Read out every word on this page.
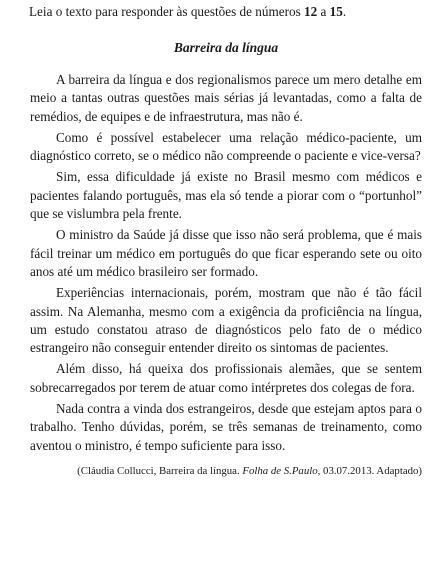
Leia o texto para responder às questões de números 12 a 15.

Barreira da língua

A barreira da língua e dos regionalismos parece um mero detalhe em meio a tantas outras questões mais sérias já levantadas, como a falta de remédios, de equipes e de infraestrutura, mas não é.

Como é possível estabelecer uma relação médico-paciente, um diagnóstico correto, se o médico não compreende o paciente e vice-versa?

Sim, essa dificuldade já existe no Brasil mesmo com médicos e pacientes falando português, mas ela só tende a piorar com o “portunhol” que se vislumbra pela frente.

O ministro da Saúde já disse que isso não será problema, que é mais fácil treinar um médico em português do que ficar esperando sete ou oito anos até um médico brasileiro ser formado.

Experiências internacionais, porém, mostram que não é tão fácil assim. Na Alemanha, mesmo com a exigência da proficiência na língua, um estudo constatou atraso de diagnósticos pelo fato de o médico estrangeiro não conseguir entender direito os sintomas de pacientes.

Além disso, há queixa dos profissionais alemães, que se sentem sobrecarregados por terem de atuar como intérpretes dos colegas de fora.

Nada contra a vinda dos estrangeiros, desde que estejam aptos para o trabalho. Tenho dúvidas, porém, se três semanas de treinamento, como aventou o ministro, é tempo suficiente para isso.

(Cláudia Collucci, Barreira da língua. Folha de S.Paulo, 03.07.2013. Adaptado)
